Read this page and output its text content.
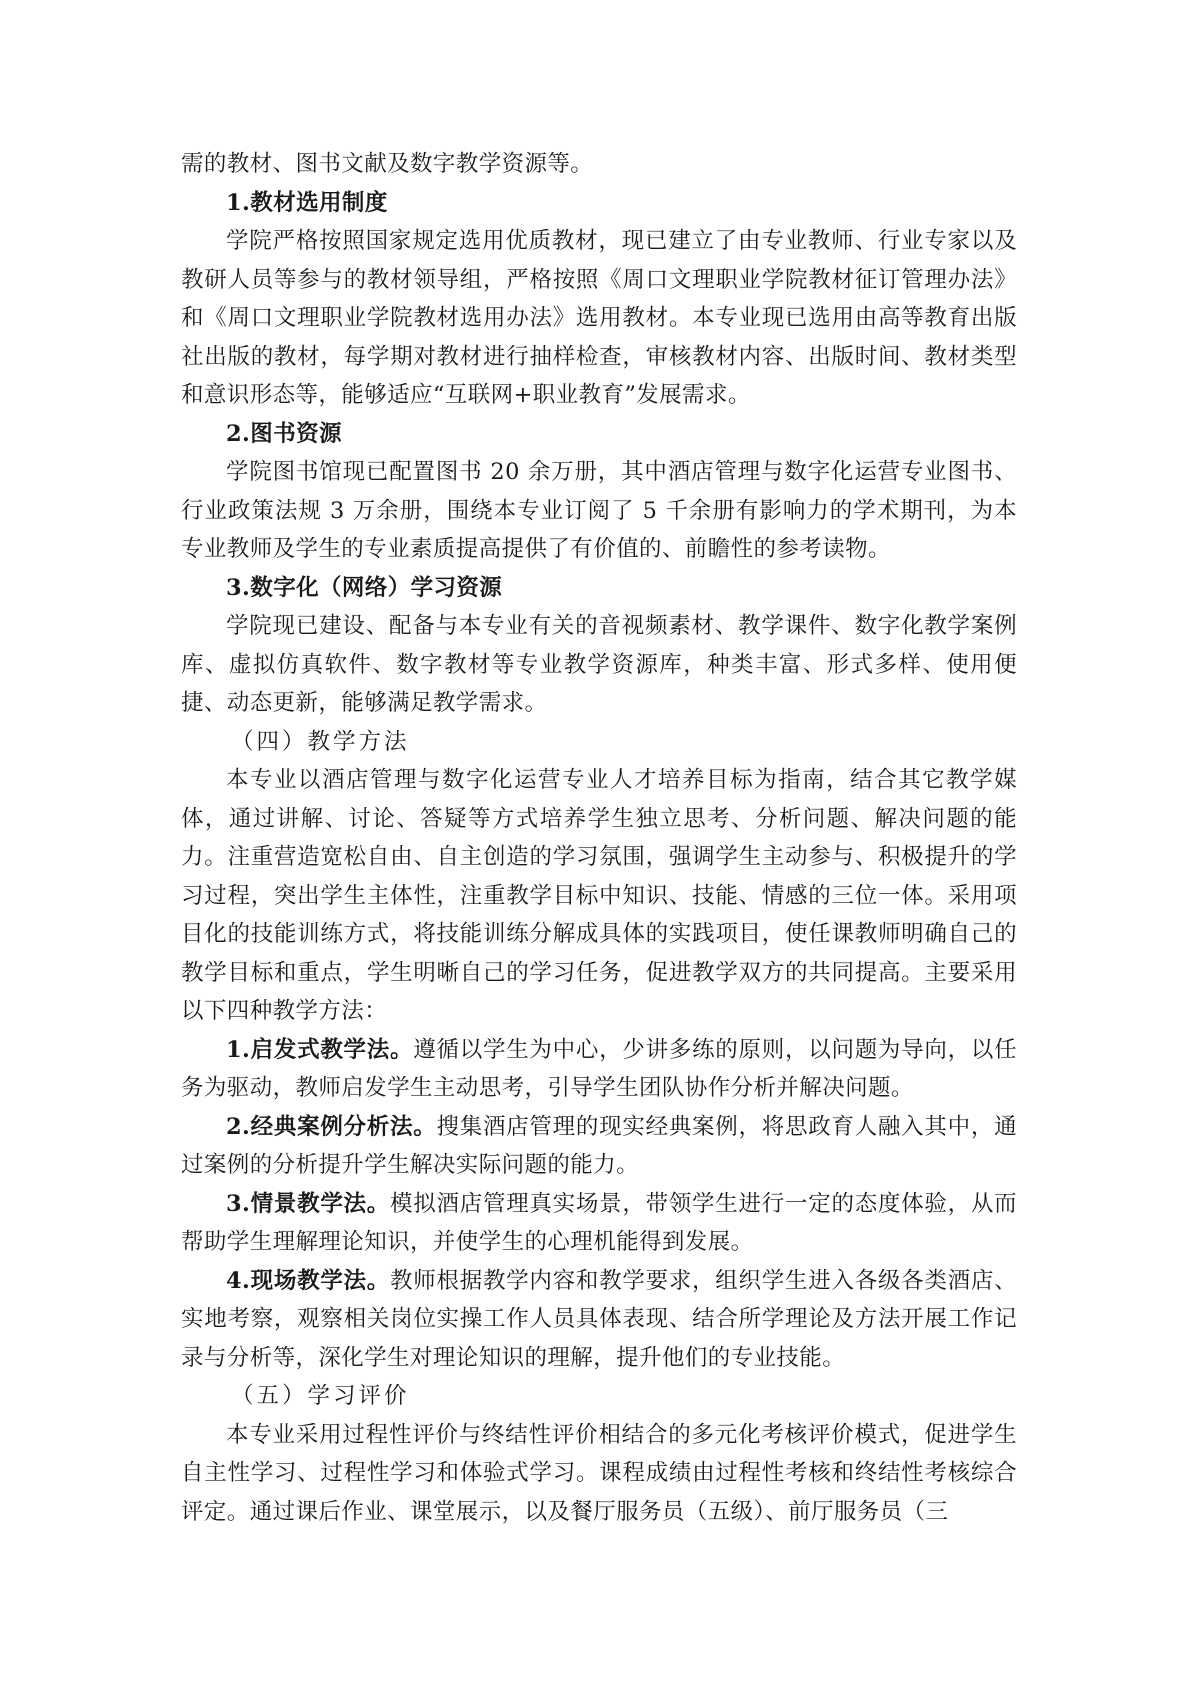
需的教材、图书文献及数字教学资源等。

1.教材选用制度

学院严格按照国家规定选用优质教材，现已建立了由专业教师、行业专家以及教研人员等参与的教材领导组，严格按照《周口文理职业学院教材征订管理办法》和《周口文理职业学院教材选用办法》选用教材。本专业现已选用由高等教育出版社出版的教材，每学期对教材进行抽样检查，审核教材内容、出版时间、教材类型和意识形态等，能够适应“互联网+职业教育”发展需求。

2.图书资源

学院图书馆现已配置图书 20 余万册，其中酒店管理与数字化运营专业图书、行业政策法规 3 万余册，围绕本专业订阅了 5 千余册有影响力的学术期刊，为本专业教师及学生的专业素质提高提供了有价值的、前瞻性的参考读物。

3.数字化（网络）学习资源

学院现已建设、配备与本专业有关的音视频素材、教学课件、数字化教学案例库、虚拟仿真软件、数字教材等专业教学资源库，种类丰富、形式多样、使用便捷、动态更新，能够满足教学需求。

（四）教学方法

本专业以酒店管理与数字化运营专业人才培养目标为指南，结合其它教学媒体，通过讲解、讨论、答疑等方式培养学生独立思考、分析问题、解决问题的能力。注重营造宽松自由、自主创造的学习氛围，强调学生主动参与、积极提升的学习过程，突出学生主体性，注重教学目标中知识、技能、情感的三位一体。采用项目化的技能训练方式，将技能训练分解成具体的实践项目，使任课教师明确自己的教学目标和重点，学生明晰自己的学习任务，促进教学双方的共同提高。主要采用以下四种教学方法：

1.启发式教学法。遵循以学生为中心，少讲多练的原则，以问题为导向，以任务为驱动，教师启发学生主动思考，引导学生团队协作分析并解决问题。

2.经典案例分析法。搜集酒店管理的现实经典案例，将思政育人融入其中，通过案例的分析提升学生解决实际问题的能力。

3.情景教学法。模拟酒店管理真实场景，带领学生进行一定的态度体验，从而帮助学生理解理论知识，并使学生的心理机能得到发展。

4.现场教学法。教师根据教学内容和教学要求，组织学生进入各级各类酒店、实地考察，观察相关岗位实操工作人员具体表现、结合所学理论及方法开展工作记录与分析等，深化学生对理论知识的理解，提升他们的专业技能。

（五）学习评价

本专业采用过程性评价与终结性评价相结合的多元化考核评价模式，促进学生自主性学习、过程性学习和体验式学习。课程成绩由过程性考核和终结性考核综合评定。通过课后作业、课堂展示，以及餐厅服务员（五级）、前厅服务员（三
